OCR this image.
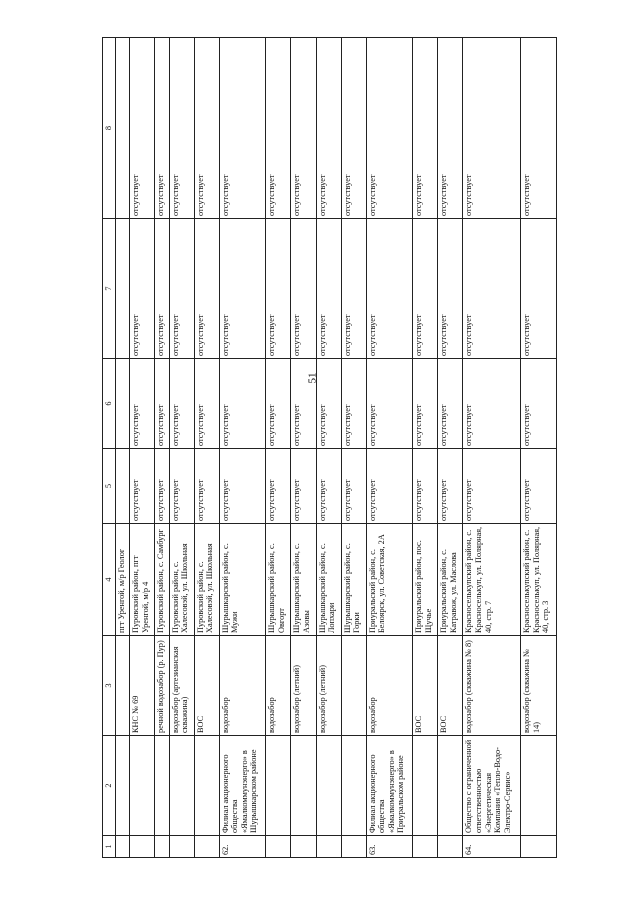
51
1	2	3	4	5	6	7	8
			пгт Уренгой, м/р Геолог				
		КНС № 69	Пуровский район, пгт Уренгой, м/р 4	отсутствует	отсутствует	отсутствует	отсутствует
		речной водозабор (р. Пур)	Пуровский район, с. Самбург	отсутствует	отсутствует	отсутствует	отсутствует
		водозабор (артезианская скважина)	Пуровский район, с. Халесовэй, ул. Школьная	отсутствует	отсутствует	отсутствует	отсутствует
		ВОС	Пуровский район, с. Халесовэй, ул. Школьная	отсутствует	отсутствует	отсутствует	отсутствует
62.	Филиал акционерного общества «Ямалкоммунэнерго» в Шурышкарском районе	водозабор	Шурышкарский район, с. Мужи	отсутствует	отсутствует	отсутствует	отсутствует
		водозабор	Шурышкарский район, с. Овгорт	отсутствует	отсутствует	отсутствует	отсутствует
		водозабор (летний)	Шурышкарский район, с. Азовы	отсутствует	отсутствует	отсутствует	отсутствует
		водозабор (летний)	Шурышкарский район, с. Лопхари	отсутствует	отсутствует	отсутствует	отсутствует
			Шурышкарский район, с. Горки	отсутствует	отсутствует	отсутствует	отсутствует
63.	Филиал акционерного общества «Ямалкоммунэнерго» в Приуральском районе	водозабор	Приуральский район, с. Белоярск, ул. Советская, 2А	отсутствует	отсутствует	отсутствует	отсутствует
		ВОС	Приуральский район, пос. Щучье	отсутствует	отсутствует	отсутствует	отсутствует
		ВОС	Приуральский район, с. Катравож, ул. Маслова	отсутствует	отсутствует	отсутствует	отсутствует
64.	Общество с ограниченной ответственностью «Энергетическая Компания «Тепло-Водо-Электро-Сервис»	водозабор (скважина № 8)	Красноселькупский район, с. Красноселькуп, ул. Полярная, 40, стр. 7	отсутствует	отсутствует	отсутствует	отсутствует
		водозабор (скважина № 14)	Красноселькупский район, с. Красноселькуп, ул. Полярная, 40, стр. 3	отсутствует	отсутствует	отсутствует	отсутствует
